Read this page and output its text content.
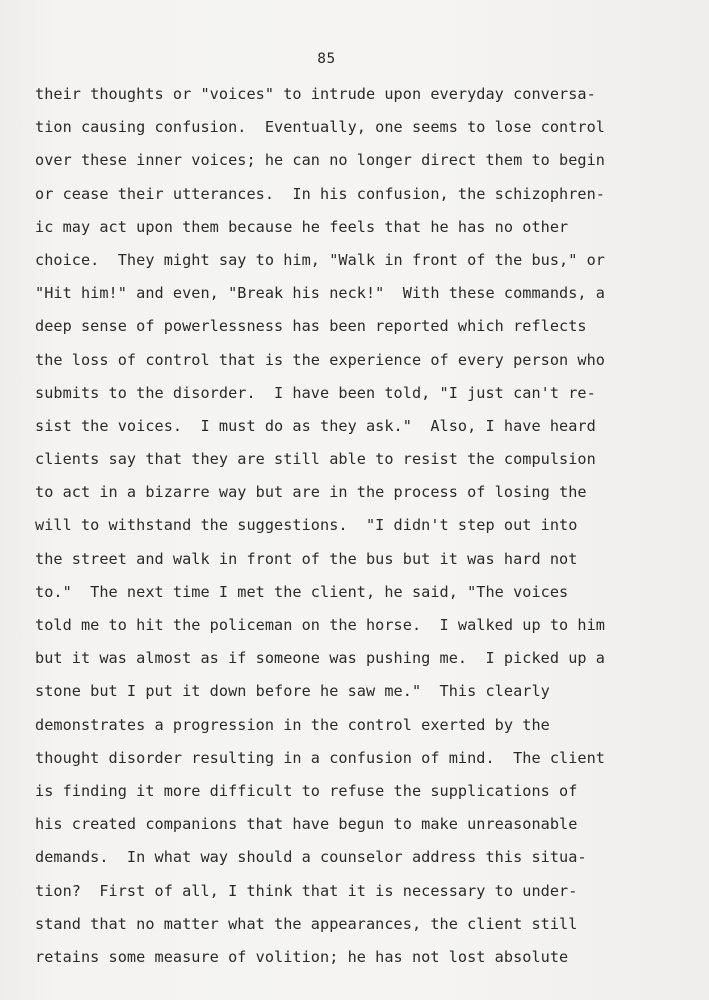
85
their thoughts or "voices" to intrude upon everyday conversa-
tion causing confusion.  Eventually, one seems to lose control
over these inner voices; he can no longer direct them to begin
or cease their utterances.  In his confusion, the schizophren-
ic may act upon them because he feels that he has no other
choice.  They might say to him, "Walk in front of the bus," or
"Hit him!" and even, "Break his neck!"  With these commands, a
deep sense of powerlessness has been reported which reflects
the loss of control that is the experience of every person who
submits to the disorder.  I have been told, "I just can't re-
sist the voices.  I must do as they ask."  Also, I have heard
clients say that they are still able to resist the compulsion
to act in a bizarre way but are in the process of losing the
will to withstand the suggestions.  "I didn't step out into
the street and walk in front of the bus but it was hard not
to."  The next time I met the client, he said, "The voices
told me to hit the policeman on the horse.  I walked up to him
but it was almost as if someone was pushing me.  I picked up a
stone but I put it down before he saw me."  This clearly
demonstrates a progression in the control exerted by the
thought disorder resulting in a confusion of mind.  The client
is finding it more difficult to refuse the supplications of
his created companions that have begun to make unreasonable
demands.  In what way should a counselor address this situa-
tion?  First of all, I think that it is necessary to under-
stand that no matter what the appearances, the client still
retains some measure of volition; he has not lost absolute
